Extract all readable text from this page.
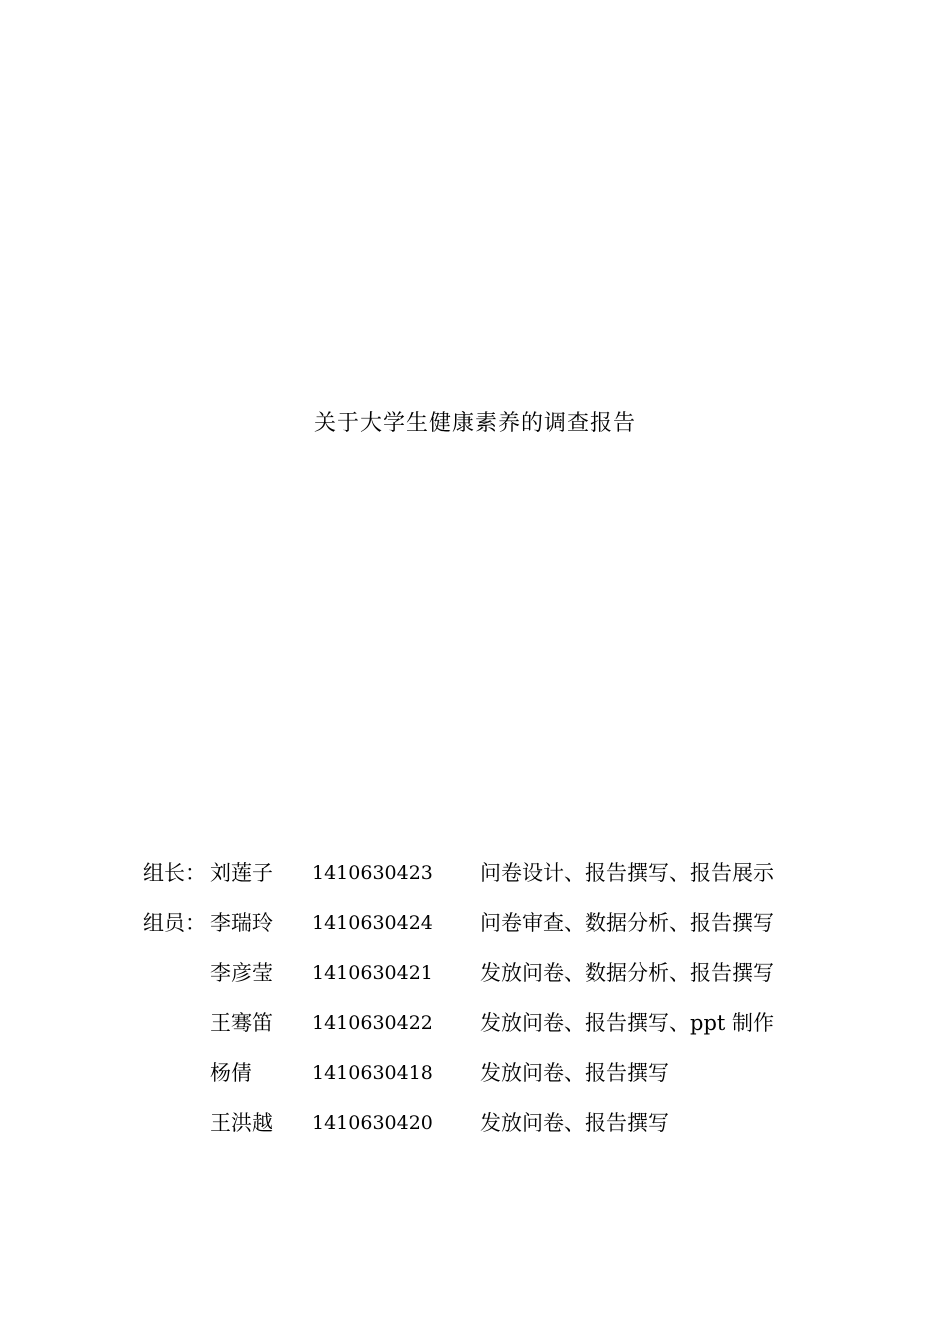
关于大学生健康素养的调查报告
组长： 刘莲子 1410630423 问卷设计、报告撰写、报告展示
组员： 李瑞玲 1410630424 问卷审查、数据分析、报告撰写
李彦莹 1410630421 发放问卷、数据分析、报告撰写
王骞笛 1410630422 发放问卷、报告撰写、ppt 制作
杨倩	1410630418 发放问卷、报告撰写
王洪越 1410630420 发放问卷、报告撰写
